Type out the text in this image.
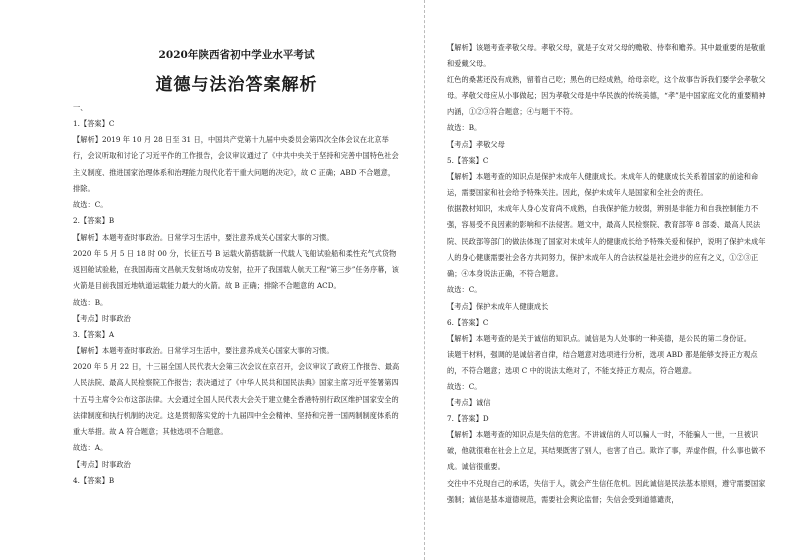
2020年陕西省初中学业水平考试
道德与法治答案解析

一、

1.【答案】C

【解析】2019 年 10 月 28 日至 31 日，中国共产党第十九届中央委员会第四次全体会议在北京举行，会议听取和讨论了习近平作的工作报告，会议审议通过了《中共中央关于坚持和完善中国特色社会主义制度、推进国家治理体系和治理能力现代化若干重大问题的决定》，故 C 正确；ABD 不合题意，排除。

故选：C。

2.【答案】B

【解析】本题考查时事政治。日常学习生活中，要注意养成关心国家大事的习惯。

2020 年 5 月 5 日 18 时 00 分，长征五号 B 运载火箭搭载新一代载人飞船试验船和柔性充气式货物返回舱试验舱，在我国海南文昌航天发射场成功发射，拉开了我国载人航天工程“第三步”任务序幕，该火箭是目前我国近地轨道运载能力最大的火箭。故 B 正确；排除不合题意的 ACD。

故选：B。

【考点】时事政治

3.【答案】A

【解析】本题考查时事政治。日常学习生活中，要注意养成关心国家大事的习惯。

2020 年 5 月 22 日，十三届全国人民代表大会第三次会议在京召开，会议审议了政府工作报告、最高人民法院、最高人民检察院工作报告；表决通过了《中华人民共和国民法典》国家主席习近平签署第四十五号主席令公布这部法律。大会通过全国人民代表大会关于建立健全香港特别行政区维护国家安全的法律制度和执行机制的决定。这是贯彻落实党的十九届四中全会精神、坚持和完善一国两制制度体系的重大举措。故 A 符合题意；其他选项不合题意。

故选：A。

【考点】时事政治

4.【答案】B

【解析】该题考查孝敬父母。孝敬父母，就是子女对父母的赡敬、侍奉和赡养。其中最重要的是敬重和爱戴父母。

红色的桑葚还没有成熟，留着自己吃；黑色的已经成熟，给母亲吃，这个故事告诉我们要学会孝敬父母。孝敬父母应从小事做起；因为孝敬父母是中华民族的传统美德，“孝”是中国家庭文化的重要精神内涵，①②③符合题意；④与题干不符。

故选：B。

【考点】孝敬父母

5.【答案】C

【解析】本题考查的知识点是保护未成年人健康成长。未成年人的健康成长关系着国家的前途和命运，需要国家和社会给予特殊关注。因此，保护未成年人是国家和全社会的责任。

依据教材知识，未成年人身心发育尚不成熟，自我保护能力较弱，辨别是非能力和自我控制能力不强，容易受不良因素的影响和不法侵害。题文中，最高人民检察院、教育部等 8 部委、最高人民法院、民政部等部门的做法体现了国家对未成年人的健康成长给予特殊关爱和保护，说明了保护未成年人的身心健康需要社会各方共同努力，保护未成年人的合法权益是社会进步的应有之义，①②③正确；④本身说法正确，不符合题意。

故选：C。

【考点】保护未成年人健康成长

6.【答案】C

【解析】本题考查的是关于诚信的知识点。诚信是为人处事的一种美德，是公民的第二身份证。

读题干材料，强调的是诚信者自律，结合题意对选项进行分析，选项 ABD 都是能够支持正方观点的，不符合题意；选项 C 中的说法太绝对了，不能支持正方观点，符合题意。

故选：C。

【考点】诚信

7.【答案】D

【解析】本题考查的知识点是失信的危害。不讲诚信的人可以骗人一时，不能骗人一世，一旦被识破，他就很难在社会上立足，其结果既害了别人，也害了自己。欺诈了事，弄虚作假，什么事也做不成。诚信很重要。

交往中不兑现自己的承诺，失信于人，就会产生信任危机。因此诚信是民法基本原则，遵守需要国家强制；诚信是基本道德规范，需要社会舆论监督；失信会受到道德谴责，
